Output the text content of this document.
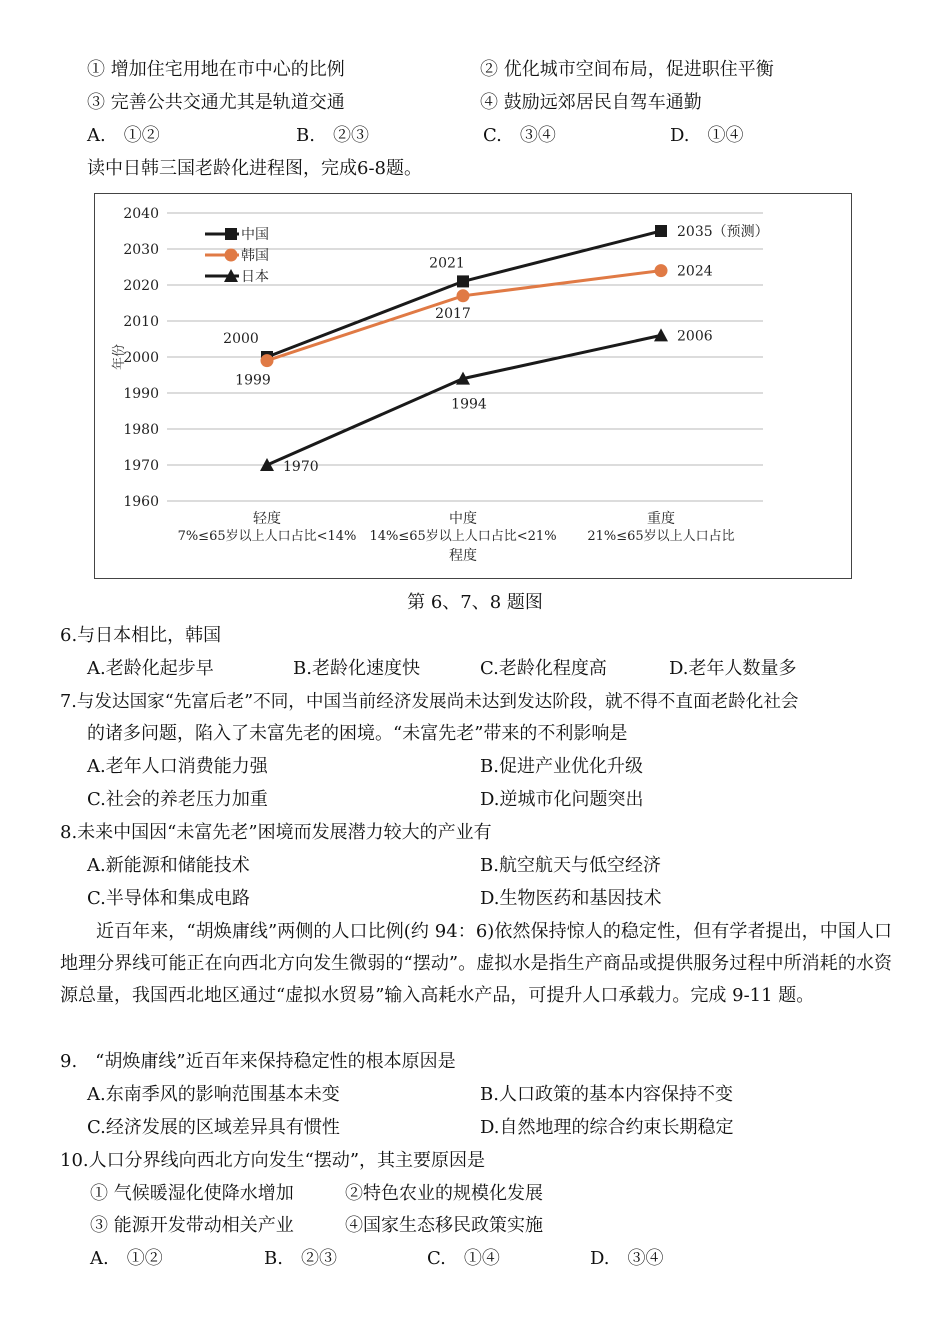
① 增加住宅用地在市中心的比例	② 优化城市空间布局，促进职住平衡
③ 完善公共交通尤其是轨道交通	④ 鼓励远郊居民自驾车通勤
A.　①②	B.　②③	C.　③④	D.　①④
读中日韩三国老龄化进程图，完成6-8题。
2040
2030
2020
2010
2000
1990
1980
1970
1960
年份
轻度
7%≤65岁以上人口占比<14%
中度
14%≤65岁以上人口占比<21%
重度
21%≤65岁以上人口占比
程度
2000
2021
2035（预测）
1999
2017
2024
1970
1994
2006
中国
韩国
日本
第 6、7、8 题图
6.与日本相比，韩国
A.老龄化起步早	B.老龄化速度快	C.老龄化程度高	D.老年人数量多
7.与发达国家“先富后老”不同，中国当前经济发展尚未达到发达阶段，就不得不直面老龄化社会
的诸多问题，陷入了未富先老的困境。“未富先老”带来的不利影响是
A.老年人口消费能力强	B.促进产业优化升级
C.社会的养老压力加重	D.逆城市化问题突出
8.未来中国因“未富先老”困境而发展潜力较大的产业有
A.新能源和储能技术	B.航空航天与低空经济
C.半导体和集成电路	D.生物医药和基因技术
近百年来，“胡焕庸线”两侧的人口比例(约 94：6)依然保持惊人的稳定性，但有学者提出，中国人口地理分界线可能正在向西北方向发生微弱的“摆动”。虚拟水是指生产商品或提供服务过程中所消耗的水资源总量，我国西北地区通过“虚拟水贸易”输入高耗水产品，可提升人口承载力。完成 9-11 题。
9.　“胡焕庸线”近百年来保持稳定性的根本原因是
A.东南季风的影响范围基本未变	B.人口政策的基本内容保持不变
C.经济发展的区域差异具有惯性	D.自然地理的综合约束长期稳定
10.人口分界线向西北方向发生“摆动”，其主要原因是
① 气候暖湿化使降水增加	②特色农业的规模化发展
③ 能源开发带动相关产业	④国家生态移民政策实施
A.　①②	B.　②③	C.　①④	D.　③④
